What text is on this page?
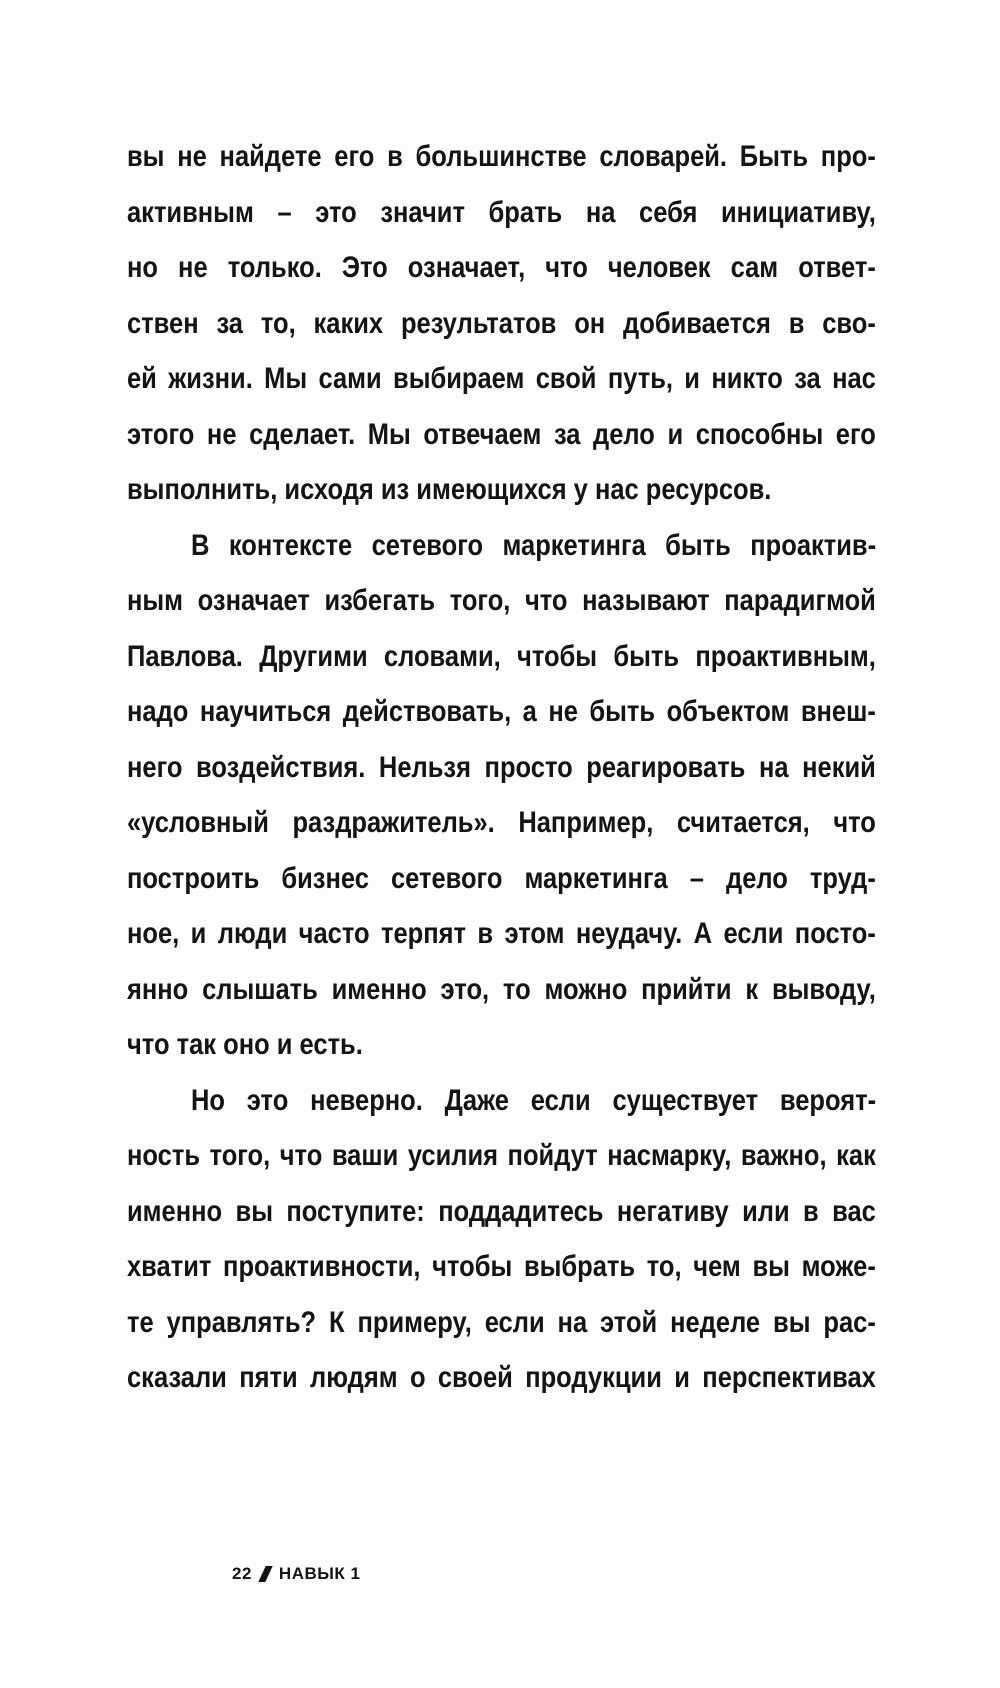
вы не найдете его в большинстве словарей. Быть про-
активным – это значит брать на себя инициативу,
но не только. Это означает, что человек сам ответ-
ствен за то, каких результатов он добивается в сво-
ей жизни. Мы сами выбираем свой путь, и никто за нас
этого не сделает. Мы отвечаем за дело и способны его
выполнить, исходя из имеющихся у нас ресурсов.
В контексте сетевого маркетинга быть проактив-
ным означает избегать того, что называют парадигмой
Павлова. Другими словами, чтобы быть проактивным,
надо научиться действовать, а не быть объектом внеш-
него воздействия. Нельзя просто реагировать на некий
«условный раздражитель». Например, считается, что
построить бизнес сетевого маркетинга – дело труд-
ное, и люди часто терпят в этом неудачу. А если посто-
янно слышать именно это, то можно прийти к выводу,
что так оно и есть.
Но это неверно. Даже если существует вероят-
ность того, что ваши усилия пойдут насмарку, важно, как
именно вы поступите: поддадитесь негативу или в вас
хватит проактивности, чтобы выбрать то, чем вы може-
те управлять? К примеру, если на этой неделе вы рас-
сказали пяти людям о своей продукции и перспективах
22 НАВЫК 1
